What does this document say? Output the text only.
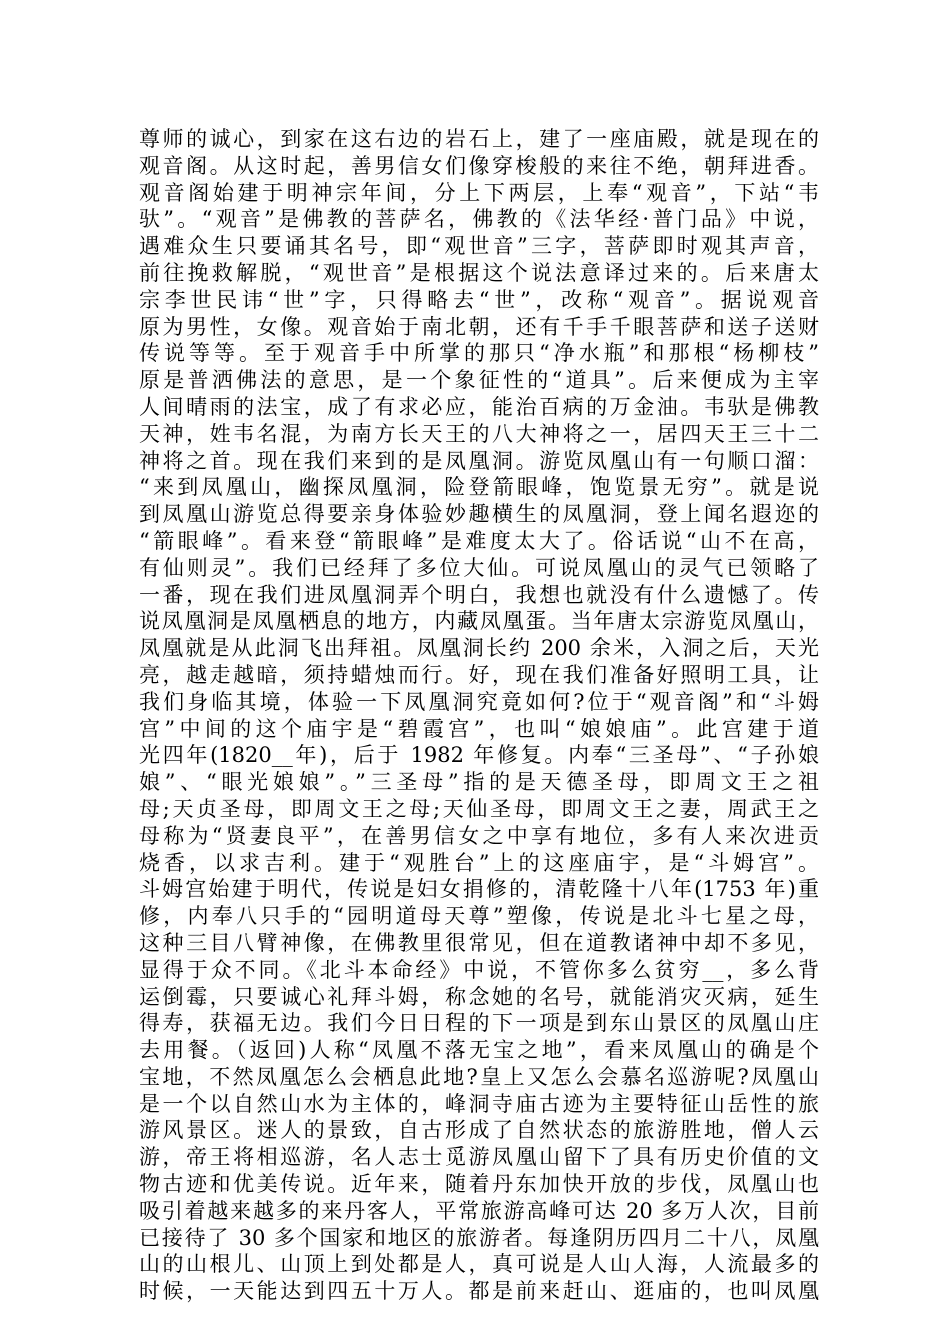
尊师的诚心，到家在这右边的岩石上，建了一座庙殿，就是现在的
观音阁。从这时起，善男信女们像穿梭般的来往不绝，朝拜进香。
观音阁始建于明神宗年间，分上下两层，上奉“观音”，下站“韦
驮”。“观音”是佛教的菩萨名，佛教的《法华经·普门品》中说，
遇难众生只要诵其名号，即“观世音”三字，菩萨即时观其声音，
前往挽救解脱，“观世音”是根据这个说法意译过来的。后来唐太
宗李世民讳“世”字，只得略去“世”，改称“观音”。据说观音
原为男性，女像。观音始于南北朝，还有千手千眼菩萨和送子送财
传说等等。至于观音手中所掌的那只“净水瓶”和那根“杨柳枝”
原是普洒佛法的意思，是一个象征性的“道具”。后来便成为主宰
人间晴雨的法宝，成了有求必应，能治百病的万金油。韦驮是佛教
天神，姓韦名混，为南方长天王的八大神将之一，居四天王三十二
神将之首。现在我们来到的是凤凰洞。游览凤凰山有一句顺口溜：
“来到凤凰山，幽探凤凰洞，险登箭眼峰，饱览景无穷”。就是说
到凤凰山游览总得要亲身体验妙趣横生的凤凰洞，登上闻名遐迩的
“箭眼峰”。看来登“箭眼峰”是难度太大了。俗话说“山不在高，
有仙则灵”。我们已经拜了多位大仙。可说凤凰山的灵气已领略了
一番，现在我们进凤凰洞弄个明白，我想也就没有什么遗憾了。传
说凤凰洞是凤凰栖息的地方，内藏凤凰蛋。当年唐太宗游览凤凰山，
凤凰就是从此洞飞出拜祖。凤凰洞长约 200 余米，入洞之后，天光
亮，越走越暗，须持蜡烛而行。好，现在我们准备好照明工具，让
我们身临其境，体验一下凤凰洞究竟如何?位于“观音阁”和“斗姆
宫”中间的这个庙宇是“碧霞宫”，也叫“娘娘庙”。此宫建于道
光四年(1820__年)，后于 1982 年修复。内奉“三圣母”、“子孙娘
娘”、“眼光娘娘”。”三圣母”指的是天德圣母，即周文王之祖
母;天贞圣母，即周文王之母;天仙圣母，即周文王之妻，周武王之
母称为“贤妻良平”，在善男信女之中享有地位，多有人来次进贡
烧香，以求吉利。建于“观胜台”上的这座庙宇，是“斗姆宫”。
斗姆宫始建于明代，传说是妇女捐修的，清乾隆十八年(1753 年)重
修，内奉八只手的“园明道母天尊”塑像，传说是北斗七星之母，
这种三目八臂神像，在佛教里很常见，但在道教诸神中却不多见，
显得于众不同。《北斗本命经》中说，不管你多么贫穷__，多么背
运倒霉，只要诚心礼拜斗姆，称念她的名号，就能消灾灭病，延生
得寿，获福无边。我们今日日程的下一项是到东山景区的凤凰山庄
去用餐。（返回)人称“凤凰不落无宝之地”，看来凤凰山的确是个
宝地，不然凤凰怎么会栖息此地?皇上又怎么会慕名巡游呢?凤凰山
是一个以自然山水为主体的，峰洞寺庙古迹为主要特征山岳性的旅
游风景区。迷人的景致，自古形成了自然状态的旅游胜地，僧人云
游，帝王将相巡游，名人志士觅游凤凰山留下了具有历史价值的文
物古迹和优美传说。近年来，随着丹东加快开放的步伐，凤凰山也
吸引着越来越多的来丹客人，平常旅游高峰可达 20 多万人次，目前
已接待了 30 多个国家和地区的旅游者。每逢阴历四月二十八，凤凰
山的山根儿、山顶上到处都是人，真可说是人山人海，人流最多的
时候，一天能达到四五十万人。都是前来赶山、逛庙的，也叫凤凰
